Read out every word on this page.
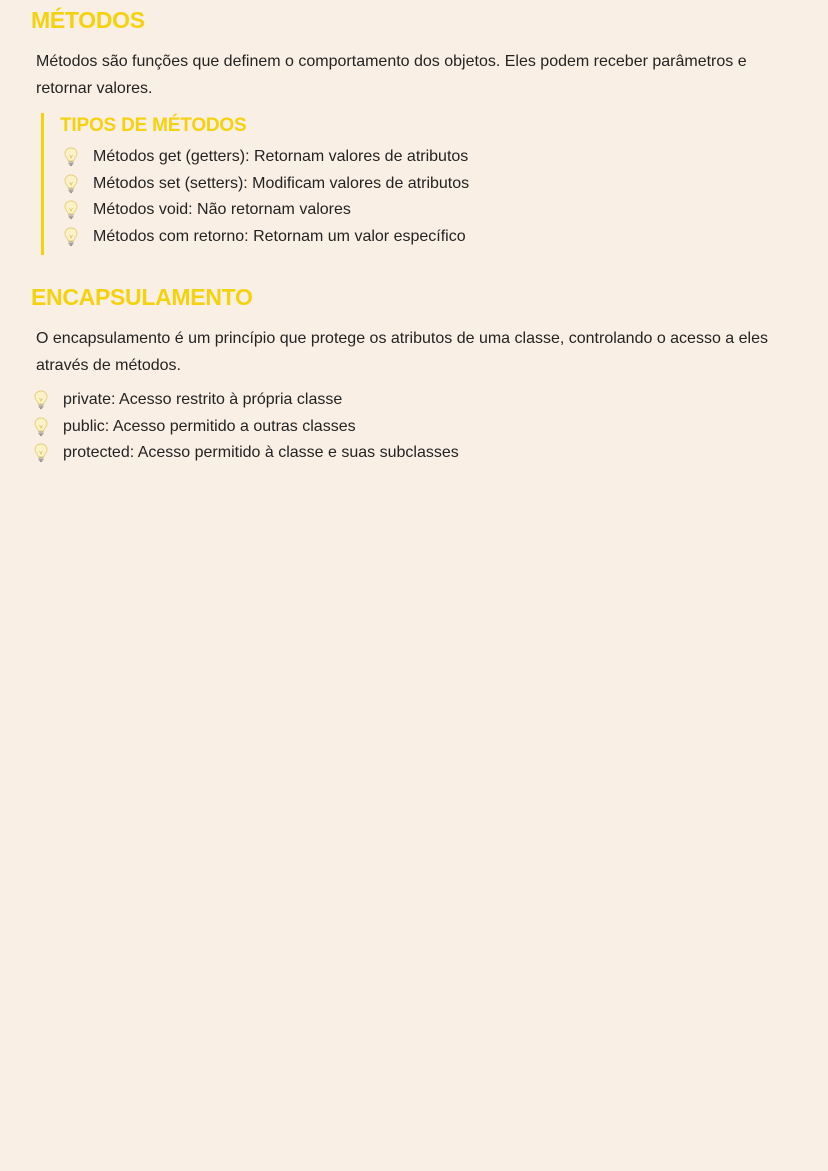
MÉTODOS

Métodos são funções que definem o comportamento dos objetos. Eles podem receber parâmetros e retornar valores.

TIPOS DE MÉTODOS
Métodos get (getters): Retornam valores de atributos
Métodos set (setters): Modificam valores de atributos
Métodos void: Não retornam valores
Métodos com retorno: Retornam um valor específico
ENCAPSULAMENTO

O encapsulamento é um princípio que protege os atributos de uma classe, controlando o acesso a eles através de métodos.

private: Acesso restrito à própria classe
public: Acesso permitido a outras classes
protected: Acesso permitido à classe e suas subclasses
